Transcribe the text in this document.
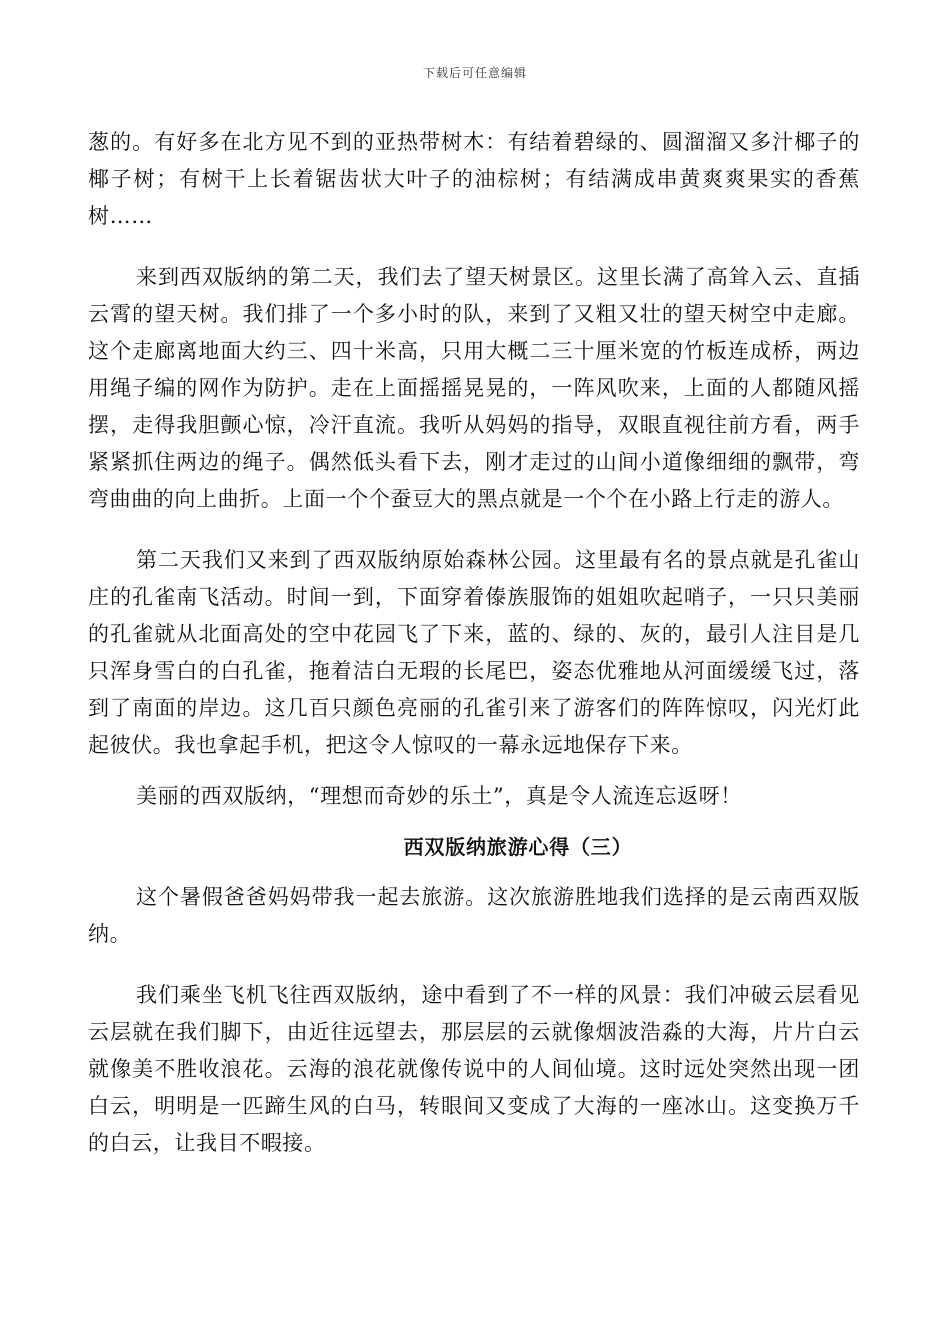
下载后可任意编辑

葱的。有好多在北方见不到的亚热带树木：有结着碧绿的、圆溜溜又多汁椰子的椰子树；有树干上长着锯齿状大叶子的油棕树；有结满成串黄爽爽果实的香蕉树……

来到西双版纳的第二天，我们去了望天树景区。这里长满了高耸入云、直插云霄的望天树。我们排了一个多小时的队，来到了又粗又壮的望天树空中走廊。这个走廊离地面大约三、四十米高，只用大概二三十厘米宽的竹板连成桥，两边用绳子编的网作为防护。走在上面摇摇晃晃的，一阵风吹来，上面的人都随风摇摆，走得我胆颤心惊，冷汗直流。我听从妈妈的指导，双眼直视往前方看，两手紧紧抓住两边的绳子。偶然低头看下去，刚才走过的山间小道像细细的飘带，弯弯曲曲的向上曲折。上面一个个蚕豆大的黑点就是一个个在小路上行走的游人。

第二天我们又来到了西双版纳原始森林公园。这里最有名的景点就是孔雀山庄的孔雀南飞活动。时间一到，下面穿着傣族服饰的姐姐吹起哨子，一只只美丽的孔雀就从北面高处的空中花园飞了下来，蓝的、绿的、灰的，最引人注目是几只浑身雪白的白孔雀，拖着洁白无瑕的长尾巴，姿态优雅地从河面缓缓飞过，落到了南面的岸边。这几百只颜色亮丽的孔雀引来了游客们的阵阵惊叹，闪光灯此起彼伏。我也拿起手机，把这令人惊叹的一幕永远地保存下来。

美丽的西双版纳，“理想而奇妙的乐土”，真是令人流连忘返呀！

西双版纳旅游心得（三）

这个暑假爸爸妈妈带我一起去旅游。这次旅游胜地我们选择的是云南西双版纳。

我们乘坐飞机飞往西双版纳，途中看到了不一样的风景：我们冲破云层看见云层就在我们脚下，由近往远望去，那层层的云就像烟波浩淼的大海，片片白云就像美不胜收浪花。云海的浪花就像传说中的人间仙境。这时远处突然出现一团白云，明明是一匹蹄生风的白马，转眼间又变成了大海的一座冰山。这变换万千的白云，让我目不暇接。
